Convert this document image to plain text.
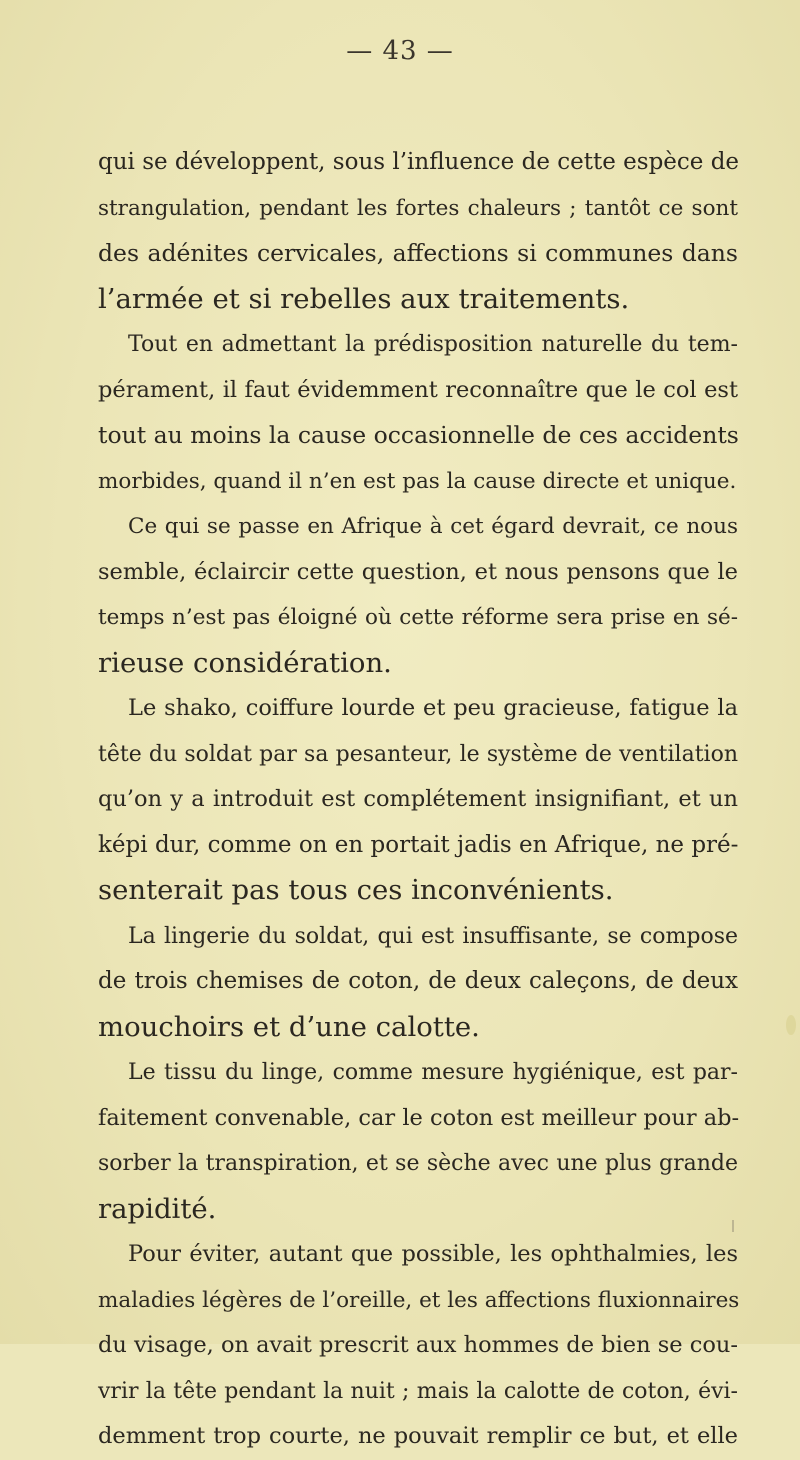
— 43 —
qui se développent, sous l’influence de cette espèce de
strangulation, pendant les fortes chaleurs ; tantôt ce sont
des adénites cervicales, affections si communes dans
l’armée et si rebelles aux traitements.
Tout en admettant la prédisposition naturelle du tem-
pérament, il faut évidemment reconnaître que le col est
tout au moins la cause occasionnelle de ces accidents
morbides, quand il n’en est pas la cause directe et unique.
Ce qui se passe en Afrique à cet égard devrait, ce nous
semble, éclaircir cette question, et nous pensons que le
temps n’est pas éloigné où cette réforme sera prise en sé-
rieuse considération.
Le shako, coiffure lourde et peu gracieuse, fatigue la
tête du soldat par sa pesanteur, le système de ventilation
qu’on y a introduit est complétement insignifiant, et un
képi dur, comme on en portait jadis en Afrique, ne pré-
senterait pas tous ces inconvénients.
La lingerie du soldat, qui est insuffisante, se compose
de trois chemises de coton, de deux caleçons, de deux
mouchoirs et d’une calotte.
Le tissu du linge, comme mesure hygiénique, est par-
faitement convenable, car le coton est meilleur pour ab-
sorber la transpiration, et se sèche avec une plus grande
rapidité.
Pour éviter, autant que possible, les ophthalmies, les
maladies légères de l’oreille, et les affections fluxionnaires
du visage, on avait prescrit aux hommes de bien se cou-
vrir la tête pendant la nuit ; mais la calotte de coton, évi-
demment trop courte, ne pouvait remplir ce but, et elle
